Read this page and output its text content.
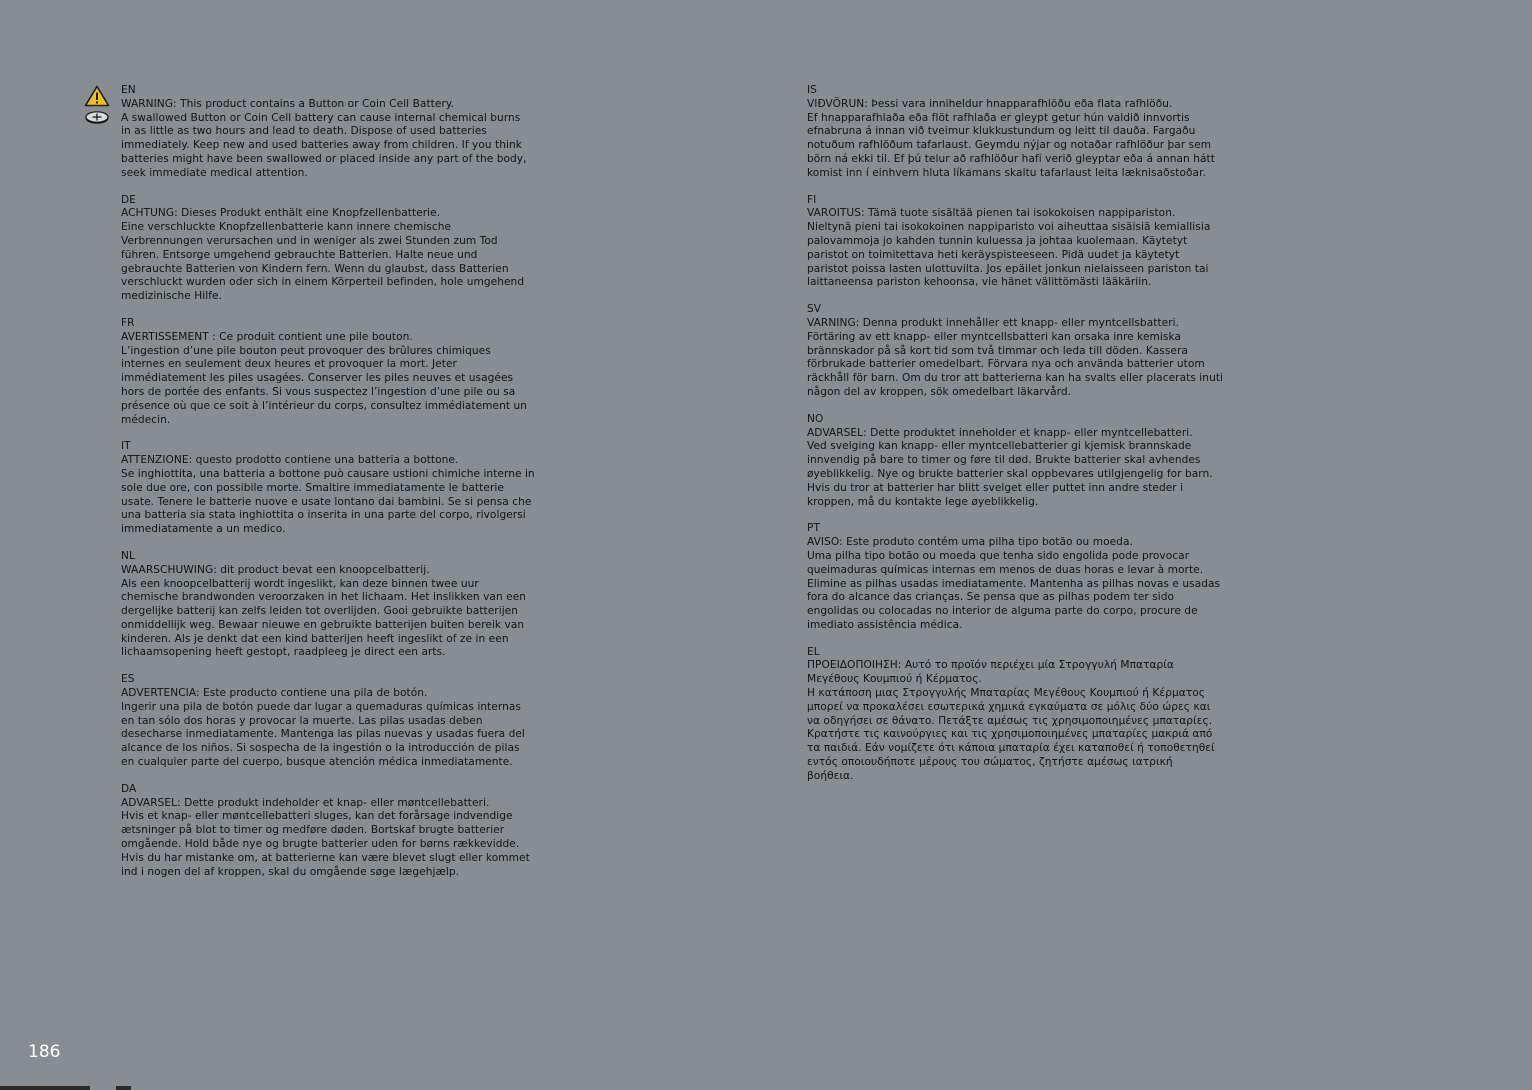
EN
WARNING: This product contains a Button or Coin Cell Battery.
A swallowed Button or Coin Cell battery can cause internal chemical burns
in as little as two hours and lead to death. Dispose of used batteries
immediately. Keep new and used batteries away from children. If you think
batteries might have been swallowed or placed inside any part of the body,
seek immediate medical attention.
DE
ACHTUNG: Dieses Produkt enthält eine Knopfzellenbatterie.
Eine verschluckte Knopfzellenbatterie kann innere chemische
Verbrennungen verursachen und in weniger als zwei Stunden zum Tod
führen. Entsorge umgehend gebrauchte Batterien. Halte neue und
gebrauchte Batterien von Kindern fern. Wenn du glaubst, dass Batterien
verschluckt wurden oder sich in einem Körperteil befinden, hole umgehend
medizinische Hilfe.
FR
AVERTISSEMENT : Ce produit contient une pile bouton.
L’ingestion d’une pile bouton peut provoquer des brûlures chimiques
internes en seulement deux heures et provoquer la mort. Jeter
immédiatement les piles usagées. Conserver les piles neuves et usagées
hors de portée des enfants. Si vous suspectez l’ingestion d’une pile ou sa
présence où que ce soit à l’intérieur du corps, consultez immédiatement un
médecin.
IT
ATTENZIONE: questo prodotto contiene una batteria a bottone.
Se inghiottita, una batteria a bottone può causare ustioni chimiche interne in
sole due ore, con possibile morte. Smaltire immediatamente le batterie
usate. Tenere le batterie nuove e usate lontano dai bambini. Se si pensa che
una batteria sia stata inghiottita o inserita in una parte del corpo, rivolgersi
immediatamente a un medico.
NL
WAARSCHUWING: dit product bevat een knoopcelbatterij.
Als een knoopcelbatterij wordt ingeslikt, kan deze binnen twee uur
chemische brandwonden veroorzaken in het lichaam. Het inslikken van een
dergelijke batterij kan zelfs leiden tot overlijden. Gooi gebruikte batterijen
onmiddellijk weg. Bewaar nieuwe en gebruikte batterijen buiten bereik van
kinderen. Als je denkt dat een kind batterijen heeft ingeslikt of ze in een
lichaamsopening heeft gestopt, raadpleeg je direct een arts.
ES
ADVERTENCIA: Este producto contiene una pila de botón.
Ingerir una pila de botón puede dar lugar a quemaduras químicas internas
en tan sólo dos horas y provocar la muerte. Las pilas usadas deben
desecharse inmediatamente. Mantenga las pilas nuevas y usadas fuera del
alcance de los niños. Si sospecha de la ingestión o la introducción de pilas
en cualquier parte del cuerpo, busque atención médica inmediatamente.
DA
ADVARSEL: Dette produkt indeholder et knap- eller møntcellebatteri.
Hvis et knap- eller møntcellebatteri sluges, kan det forårsage indvendige
ætsninger på blot to timer og medføre døden. Bortskaf brugte batterier
omgående. Hold både nye og brugte batterier uden for børns rækkevidde.
Hvis du har mistanke om, at batterierne kan være blevet slugt eller kommet
ind i nogen del af kroppen, skal du omgående søge lægehjælp.
IS
VIÐVÖRUN: Þessi vara inniheldur hnapparafhlöðu eða flata rafhlöðu.
Ef hnapparafhlaða eða flöt rafhlaða er gleypt getur hún valdið innvortis
efnabruna á innan við tveimur klukkustundum og leitt til dauða. Fargaðu
notuðum rafhlöðum tafarlaust. Geymdu nýjar og notaðar rafhlöður þar sem
börn ná ekki til. Ef þú telur að rafhlöður hafi verið gleyptar eða á annan hátt
komist inn í einhvern hluta líkamans skaltu tafarlaust leita læknisaðstoðar.
FI
VAROITUS: Tämä tuote sisältää pienen tai isokokoisen nappipariston.
Nieltynä pieni tai isokokoinen nappiparisto voi aiheuttaa sisäisiä kemiallisia
palovammoja jo kahden tunnin kuluessa ja johtaa kuolemaan. Käytetyt
paristot on toimitettava heti keräyspisteeseen. Pidä uudet ja käytetyt
paristot poissa lasten ulottuvilta. Jos epäilet jonkun nielaisseen pariston tai
laittaneensa pariston kehoonsa, vie hänet välittömästi lääkäriin.
SV
VARNING: Denna produkt innehåller ett knapp- eller myntcellsbatteri.
Förtäring av ett knapp- eller myntcellsbatteri kan orsaka inre kemiska
brännskador på så kort tid som två timmar och leda till döden. Kassera
förbrukade batterier omedelbart. Förvara nya och använda batterier utom
räckhåll för barn. Om du tror att batterierna kan ha svalts eller placerats inuti
någon del av kroppen, sök omedelbart läkarvård.
NO
ADVARSEL: Dette produktet inneholder et knapp- eller myntcellebatteri.
Ved svelging kan knapp- eller myntcellebatterier gi kjemisk brannskade
innvendig på bare to timer og føre til død. Brukte batterier skal avhendes
øyeblikkelig. Nye og brukte batterier skal oppbevares utilgjengelig for barn.
Hvis du tror at batterier har blitt svelget eller puttet inn andre steder i
kroppen, må du kontakte lege øyeblikkelig.
PT
AVISO: Este produto contém uma pilha tipo botão ou moeda.
Uma pilha tipo botão ou moeda que tenha sido engolida pode provocar
queimaduras químicas internas em menos de duas horas e levar à morte.
Elimine as pilhas usadas imediatamente. Mantenha as pilhas novas e usadas
fora do alcance das crianças. Se pensa que as pilhas podem ter sido
engolidas ou colocadas no interior de alguma parte do corpo, procure de
imediato assistência médica.
EL
ΠΡΟΕΙΔΟΠΟΙΗΣΗ: Αυτό το προϊόν περιέχει μία Στρογγυλή Μπαταρία
Μεγέθους Κουμπιού ή Κέρματος.
Η κατάποση μιας Στρογγυλής Μπαταρίας Μεγέθους Κουμπιού ή Κέρματος
μπορεί να προκαλέσει εσωτερικά χημικά εγκαύματα σε μόλις δύο ώρες και
να οδηγήσει σε θάνατο. Πετάξτε αμέσως τις χρησιμοποιημένες μπαταρίες.
Κρατήστε τις καινούργιες και τις χρησιμοποιημένες μπαταρίες μακριά από
τα παιδιά. Εάν νομίζετε ότι κάποια μπαταρία έχει καταποθεί ή τοποθετηθεί
εντός οποιουδήποτε μέρους του σώματος, ζητήστε αμέσως ιατρική
βοήθεια.
186
